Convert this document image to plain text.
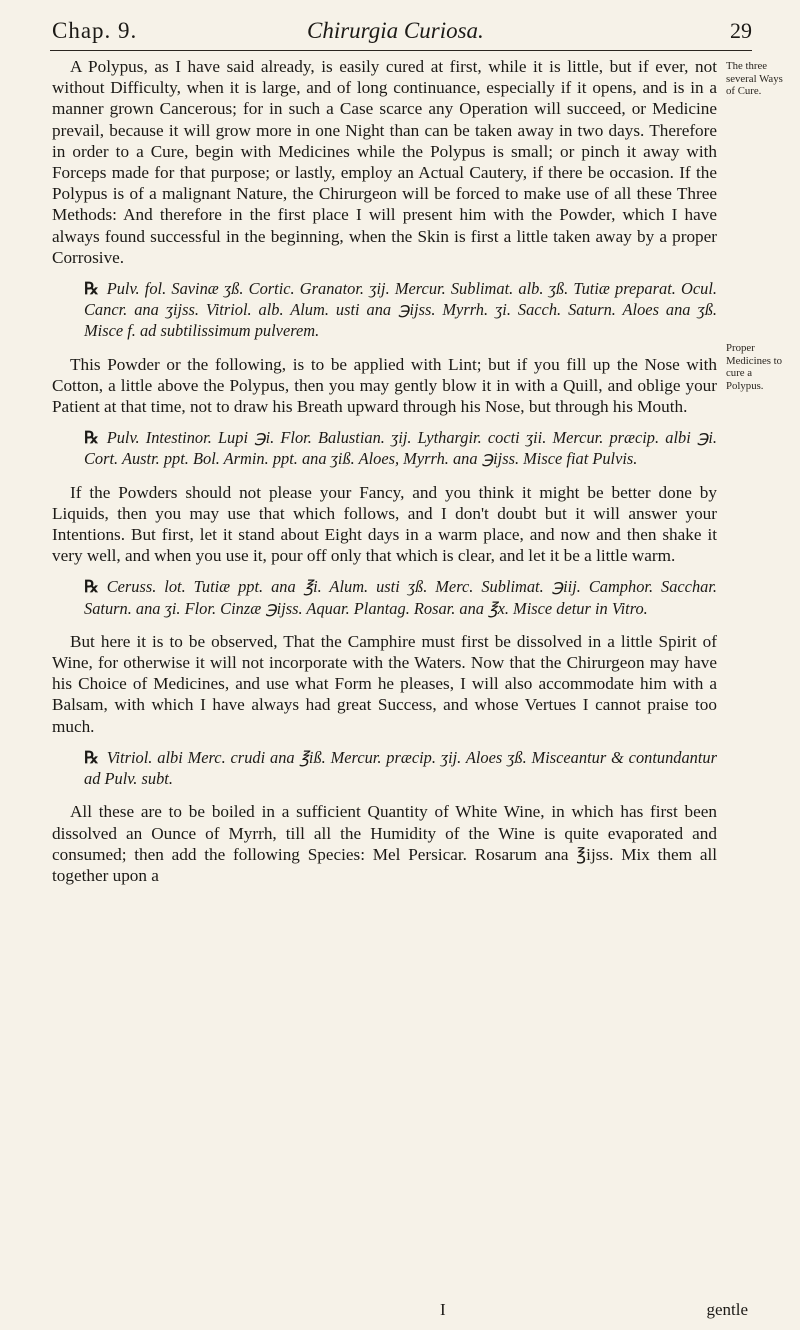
Chap. 9.	Chirurgia Curiosa.	29
The three several Ways of Cure.
Proper Medicines to cure a Polypus.

A Polypus, as I have said already, is easily cured at first, while it is little, but if ever, not without Difficulty, when it is large, and of long continuance, especially if it opens, and is in a manner grown Cancerous; for in such a Case scarce any Operation will succeed, or Medicine prevail, because it will grow more in one Night than can be taken away in two days. Therefore in order to a Cure, begin with Medicines while the Polypus is small; or pinch it away with Forceps made for that purpose; or lastly, employ an Actual Cautery, if there be occasion. If the Polypus is of a malignant Nature, the Chirurgeon will be forced to make use of all these Three Methods: And therefore in the first place I will present him with the Powder, which I have always found successful in the beginning, when the Skin is first a little taken away by a proper Corrosive.

℞ Pulv. fol. Savinæ ʒß. Cortic. Granator. ʒij. Mercur. Sublimat. alb. ʒß. Tutiæ preparat. Ocul. Cancr. ana ʒijss. Vitriol. alb. Alum. usti ana ℈ijss. Myrrh. ʒi. Sacch. Saturn. Aloes ana ʒß. Misce f. ad subtilissimum pulverem.

This Powder or the following, is to be applied with Lint; but if you fill up the Nose with Cotton, a little above the Polypus, then you may gently blow it in with a Quill, and oblige your Patient at that time, not to draw his Breath upward through his Nose, but through his Mouth.

℞ Pulv. Intestinor. Lupi ℈i. Flor. Balustian. ʒij. Lythargir. cocti ʒii. Mercur. præcip. albi ℈i. Cort. Austr. ppt. Bol. Armin. ppt. ana ʒiß. Aloes, Myrrh. ana ℈ijss. Misce fiat Pulvis.

If the Powders should not please your Fancy, and you think it might be better done by Liquids, then you may use that which follows, and I don't doubt but it will answer your Intentions. But first, let it stand about Eight days in a warm place, and now and then shake it very well, and when you use it, pour off only that which is clear, and let it be a little warm.

℞ Ceruss. lot. Tutiæ ppt. ana ℥i. Alum. usti ʒß. Merc. Sublimat. ℈iij. Camphor. Sacchar. Saturn. ana ʒi. Flor. Cinzæ ℈ijss. Aquar. Plantag. Rosar. ana ℥x. Misce detur in Vitro.

But here it is to be observed, That the Camphire must first be dissolved in a little Spirit of Wine, for otherwise it will not incorporate with the Waters. Now that the Chirurgeon may have his Choice of Medicines, and use what Form he pleases, I will also accommodate him with a Balsam, with which I have always had great Success, and whose Vertues I cannot praise too much.

℞ Vitriol. albi Merc. crudi ana ℥iß. Mercur. præcip. ʒij. Aloes ʒß. Misceantur & contundantur ad Pulv. subt.

All these are to be boiled in a sufficient Quantity of White Wine, in which has first been dissolved an Ounce of Myrrh, till all the Humidity of the Wine is quite evaporated and consumed; then add the following Species: Mel Persicar. Rosarum ana ℥ijss. Mix them all together upon a

I	gentle
